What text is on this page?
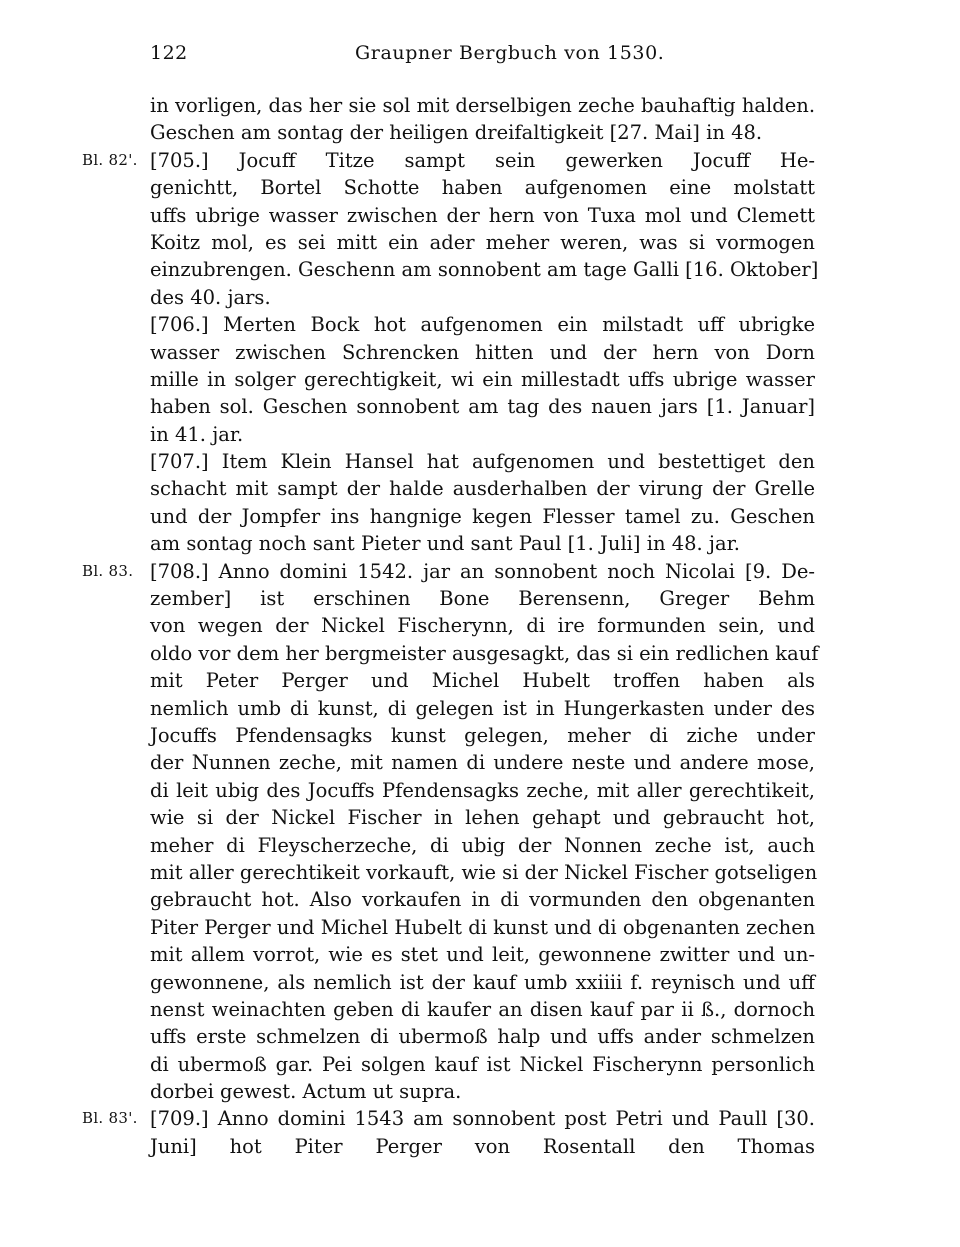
122	Graupner Bergbuch von 1530.
in vorligen, das her sie sol mit derselbigen zeche bauhaftig halden.
Geschen am sontag der heiligen dreifaltigkeit [27. Mai] in 48.
Bl. 82'. [705.] Jocuff Titze sampt sein gewerken Jocuff He-
genichtt, Bortel Schotte haben aufgenomen eine molstatt
uffs ubrige wasser zwischen der hern von Tuxa mol und Clemett
Koitz mol, es sei mitt ein ader meher weren, was si vormogen
einzubrengen. Geschenn am sonnobent am tage Galli [16. Oktober]
des 40. jars.
[706.] Merten Bock hot aufgenomen ein milstadt uff ubrigke
wasser zwischen Schrencken hitten und der hern von Dorn
mille in solger gerechtigkeit, wi ein millestadt uffs ubrige wasser
haben sol. Geschen sonnobent am tag des nauen jars [1. Januar]
in 41. jar.
[707.] Item Klein Hansel hat aufgenomen und bestettiget den
schacht mit sampt der halde ausderhalben der virung der Grelle
und der Jompfer ins hangnige kegen Flesser tamel zu. Geschen
am sontag noch sant Pieter und sant Paul [1. Juli] in 48. jar.
Bl. 83. [708.] Anno domini 1542. jar an sonnobent noch Nicolai [9. De-
zember] ist erschinen Bone Berensenn, Greger Behm
von wegen der Nickel Fischerynn, di ire formunden sein, und
oldo vor dem her bergmeister ausgesagkt, das si ein redlichen kauf
mit Peter Perger und Michel Hubelt troffen haben als
nemlich umb di kunst, di gelegen ist in Hungerkasten under des
Jocuffs Pfendensagks kunst gelegen, meher di ziche under
der Nunnen zeche, mit namen di undere neste und andere mose,
di leit ubig des Jocuffs Pfendensagks zeche, mit aller gerechtikeit,
wie si der Nickel Fischer in lehen gehapt und gebraucht hot,
meher di Fleyscherzeche, di ubig der Nonnen zeche ist, auch
mit aller gerechtikeit vorkauft, wie si der Nickel Fischer gotseligen
gebraucht hot. Also vorkaufen in di vormunden den obgenanten
Piter Perger und Michel Hubelt di kunst und di obgenanten zechen
mit allem vorrot, wie es stet und leit, gewonnene zwitter und un-
gewonnene, als nemlich ist der kauf umb xxiiii f. reynisch und uff
nenst weinachten geben di kaufer an disen kauf par ii ß., dornoch
uffs erste schmelzen di ubermoß halp und uffs ander schmelzen
di ubermoß gar. Pei solgen kauf ist Nickel Fischerynn personlich
dorbei gewest. Actum ut supra.
Bl. 83'. [709.] Anno domini 1543 am sonnobent post Petri und Paull [30.
Juni] hot Piter Perger von Rosentall den Thomas
